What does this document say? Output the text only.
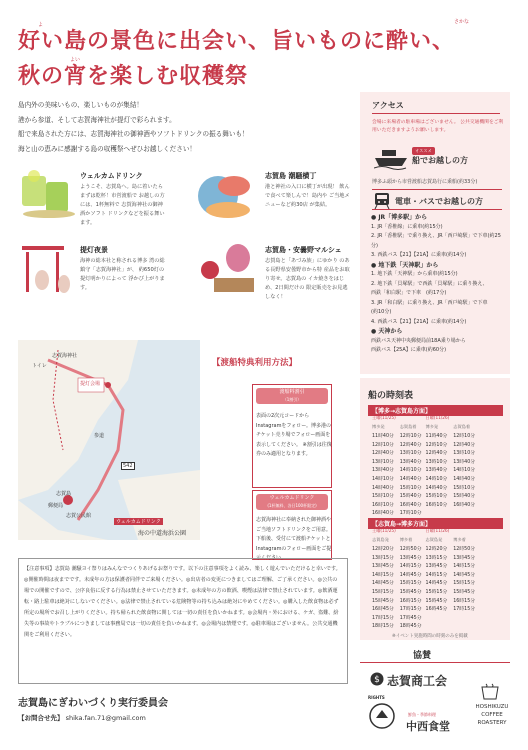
よ	さかな
好い島の景色に出会い、旨いものに酔い、
よい
秋の宵を楽しむ収穫祭
島内外の美味いもの、楽しいものが集結！
港から参道、そして志賀海神社が提灯で彩られます。
船で来島された方には、志賀海神社の御神酒やソフトドリンクの振る舞いも！
海と山の恵みに感謝する島の収穫祭へぜひお越しください！
ウェルカムドリンク

ようこそ、志賀島へ。島に着いたらまずは乾杯！市営渡船で お越しの方には、1杯無料で 志賀海神社の御神酒かソフト ドリンクなどを振る舞います。

志賀島 潮騒横丁

港と神社の入口に横丁が出現！ 飲んで食べて楽しんで！島内や ご当地メニューなど約30店 が集結。

提灯夜景

海神の総本社と称される博多 湾の総鎮守「志賀海神社」が、 約650灯の提灯明かりによって 浮かび上がります。

志賀島・安曇野マルシェ

志賀島と「あづみ族」にゆかり のある長野県安曇野市から特 産品をお取り寄せ。志賀島の イカ焼きをはじめ、2日間だけの 限定販売をお見逃しなく！

アクセス
会場に来場者の駐車場はございません。 公共交通機関をご利用いただきますようお願いします。
オススメ
船でお越しの方
博多ふ頭から市営渡船志賀島行に乗船(約33分)
電車・バスでお越しの方
● JR「博多駅」から
1. JR「香椎線」に乗車(約15分)
2. JR「香椎駅」で乗り換え、JR「西戸崎駅」で下車(約25分)
3. 西鉄バス【21】【21A】に乗車(約14分)
● 地下鉄「天神駅」から
1. 地下鉄「天神駅」から乗車(約15分)
2. 地下鉄「貝塚駅」で西鉄「貝塚駅」に乗り換え、
西鉄「和白駅」で下車　(約17分)
3. JR「和白駅」に乗り換え、JR「西戸崎駅」で下車
(約10分)
4. 西鉄バス【21】【21A】に乗車(約14分)
● 天神から
西鉄バス天神中央郵便局前18A乗り場から
西鉄バス【25A】に乗車(約60分)
志賀海神社
提灯会場
参道
トイレ
志賀島
郵便局
志賀公民館
ウェルカムドリンク
海の中道海浜公園
542
【渡船特典利用方法】
渡船料割引
（1割引）
表面の2次元コードからInstagramをフォロー。博多港のチケット売り場でフォロー画面を表示してください。 ※割引は往復券のみ適用となります。
ウェルカムドリンク
(1杯無料、各日100杯限定)
志賀海神社に奉納された御神酒やご当地ソフトドリンクをご用意。下船後、受付にて渡船チケットとInstagramのフォロー画面をご提示ください。
船の時刻表
【博多→志賀島方面】
土曜(11/25)		日曜(11/26)	
博多発	志賀島着	博多発	志賀島着
11時40分	12時10分	11時40分	12時10分
12時10分	12時40分	12時10分	12時40分
12時40分	13時10分	12時40分	13時10分
13時10分	13時40分	13時10分	13時40分
13時40分	14時10分	13時40分	14時10分
14時10分	14時40分	14時10分	14時40分
14時40分	15時10分	14時40分	15時10分
15時10分	15時40分	15時10分	15時40分
16時10分	16時40分	16時10分	16時40分
16時40分	17時10分		
【志賀島→博多方面】
土曜(11/25)		日曜(11/26)	
志賀島発	博多着	志賀島発	博多着
12時20分	12時50分	12時20分	12時50分
13時15分	13時45分	13時15分	13時45分
13時45分	14時15分	13時45分	14時15分
14時15分	14時45分	14時15分	14時45分
14時45分	15時15分	14時45分	15時15分
15時15分	15時45分	15時15分	15時45分
15時45分	16時15分	15時45分	16時15分
16時45分	17時15分	16時45分	17時15分
17時15分	17時45分		
18時15分	18時45分		
※イベント実施時間の時刻のみを掲載
【注意事項】志賀島 潮騒ヨイ祭りはみんなでつくりあげるお祭りです。以下の注意事項をよく読み、楽しく遊んでいただけると幸いです。◎開催時間は夜までです。未成年の方は保護者同伴でご来場ください。◎出店者の変更につきましてはご理解、ご了承ください。◎公共の場での開催ですので、公序良俗に反する行為は禁止させていただきます。◎未成年の方の飲酒、喫煙は法律で禁止されています。◎飲酒運転・路上駐車は絶対にしないでください。◎法律で禁止されている危険物等の持ち込みは絶対にやめてください。◎購入した飲食物は必ず所定の場所でお召し上がりください。持ち帰られた飲食物に関しては一切の責任を負いかねます。◎会場内・外における、ケガ、盗難、紛失等の事故やトラブルにつきましては事務局では一切の責任を負いかねます。◎会場内は禁煙です。◎駐車場はございません。公共交通機関をご利用ください。
志賀島にぎわいづくり実行委員会
【お問合せ先】 shika.fan.71@gmail.com
協賛
$ 志賀商工会
RIGHTS
鮮魚・季節料理
中西食堂
HOSHIKUZU
COFFEE
ROASTERY
